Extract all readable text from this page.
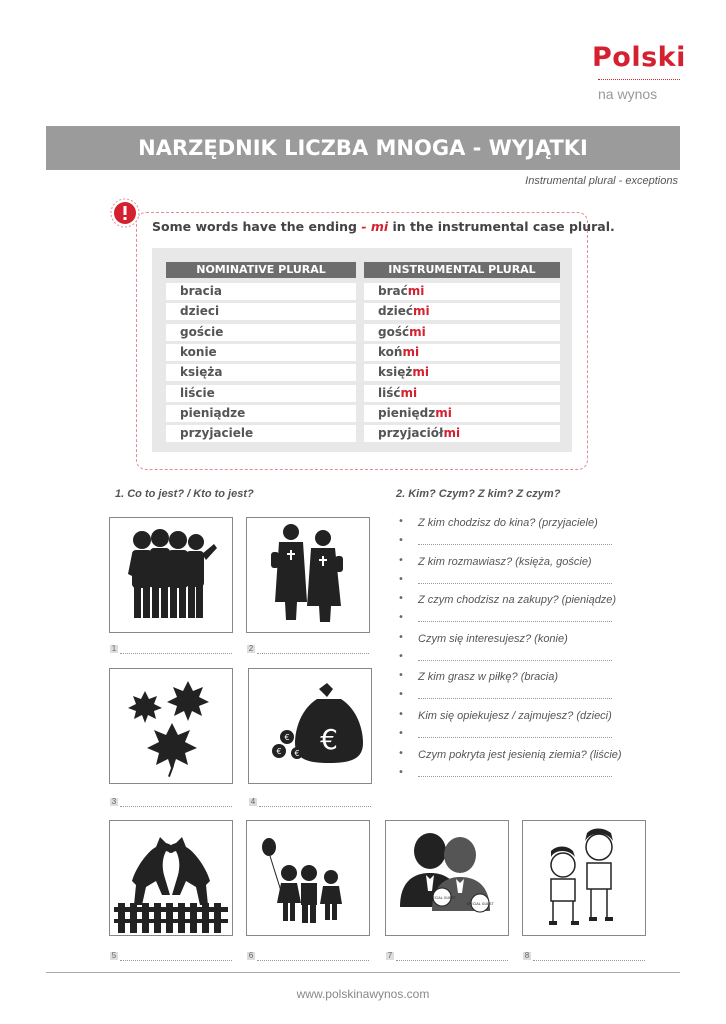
Polski
na wynos
NARZĘDNIK LICZBA MNOGA - WYJĄTKI
Instrumental plural - exceptions
Some words have the ending - mi in the instrumental case plural.
NOMINATIVE PLURAL	INSTRUMENTAL PLURAL
bracia	braćmi
dzieci	dziećmi
goście	gośćmi
konie	końmi
księża	księżmi
liście	liśćmi
pieniądze	pieniędzmi
przyjaciele	przyjaciółmi
1. Co to jest? / Kto to jest?
1	2
3
€
€
€ €
4
2. Kim? Czym? Z kim? Z czym?
• Z kim chodzisz do kina? (przyjaciele)
•
• Z kim rozmawiasz? (księża, goście)
•
• Z czym chodzisz na zakupy? (pieniądze)
•
• Czym się interesujesz? (konie)
•
• Z kim grasz w piłkę? (bracia)
•
• Kim się opiekujesz / zajmujesz? (dzieci)
•
• Czym pokryta jest jesienią ziemia? (liście)
•
5	6
SPECIAL GUEST
SPECIAL GUEST
7	8
www.polskinawynos.com
